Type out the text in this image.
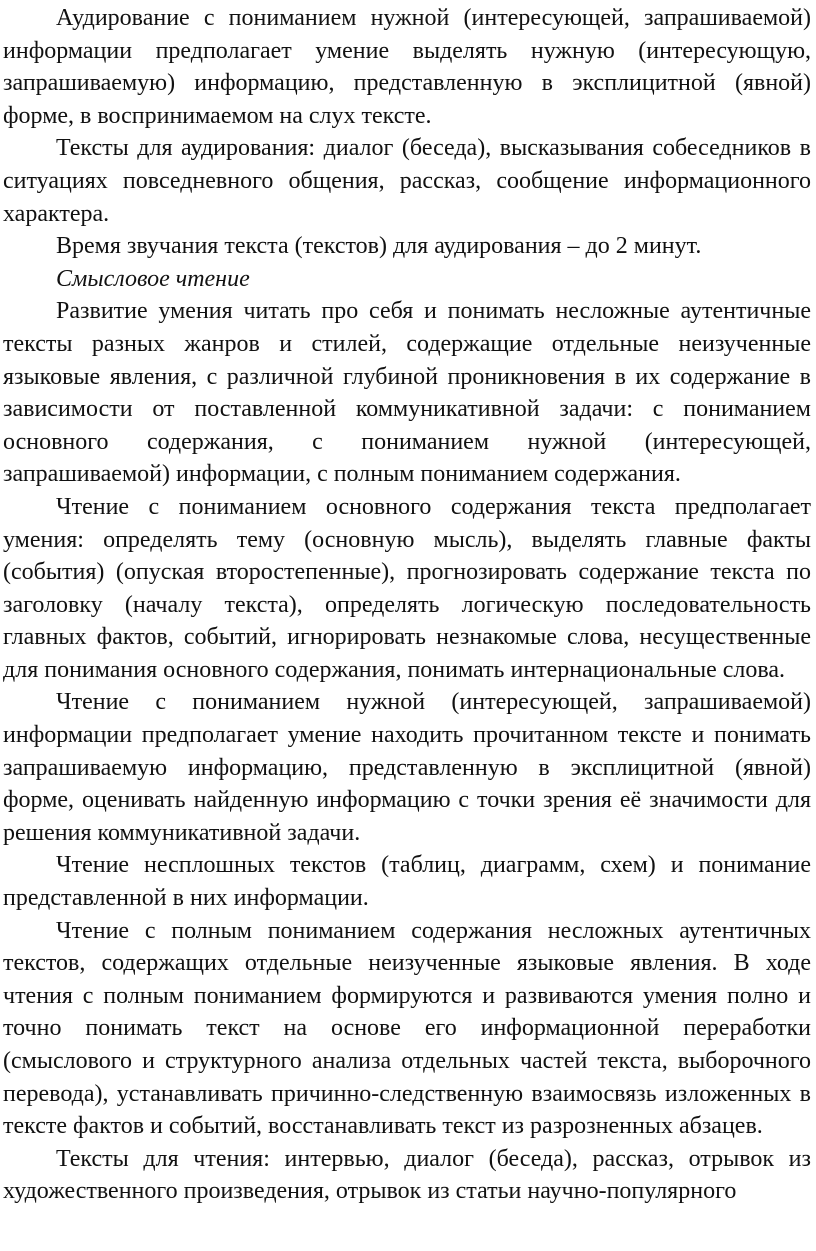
Аудирование с пониманием нужной (интересующей, запрашиваемой) информации предполагает умение выделять нужную (интересующую, запрашиваемую) информацию, представленную в эксплицитной (явной) форме, в воспринимаемом на слух тексте.

Тексты для аудирования: диалог (беседа), высказывания собеседников в ситуациях повседневного общения, рассказ, сообщение информационного характера.

Время звучания текста (текстов) для аудирования – до 2 минут.

Смысловое чтение

Развитие умения читать про себя и понимать несложные аутентичные тексты разных жанров и стилей, содержащие отдельные неизученные языковые явления, с различной глубиной проникновения в их содержание в зависимости от поставленной коммуникативной задачи: с пониманием основного содержания, с пониманием нужной (интересующей, запрашиваемой) информации, с полным пониманием содержания.

Чтение с пониманием основного содержания текста предполагает умения: определять тему (основную мысль), выделять главные факты (события) (опуская второстепенные), прогнозировать содержание текста по заголовку (началу текста), определять логическую последовательность главных фактов, событий, игнорировать незнакомые слова, несущественные для понимания основного содержания, понимать интернациональные слова.

Чтение с пониманием нужной (интересующей, запрашиваемой) информации предполагает умение находить прочитанном тексте и понимать запрашиваемую информацию, представленную в эксплицитной (явной) форме, оценивать найденную информацию с точки зрения её значимости для решения коммуникативной задачи.

Чтение несплошных текстов (таблиц, диаграмм, схем) и понимание представленной в них информации.

Чтение с полным пониманием содержания несложных аутентичных текстов, содержащих отдельные неизученные языковые явления. В ходе чтения с полным пониманием формируются и развиваются умения полно и точно понимать текст на основе его информационной переработки (смыслового и структурного анализа отдельных частей текста, выборочного перевода), устанавливать причинно-следственную взаимосвязь изложенных в тексте фактов и событий, восстанавливать текст из разрозненных абзацев.

Тексты для чтения: интервью, диалог (беседа), рассказ, отрывок из художественного произведения, отрывок из статьи научно-популярного
